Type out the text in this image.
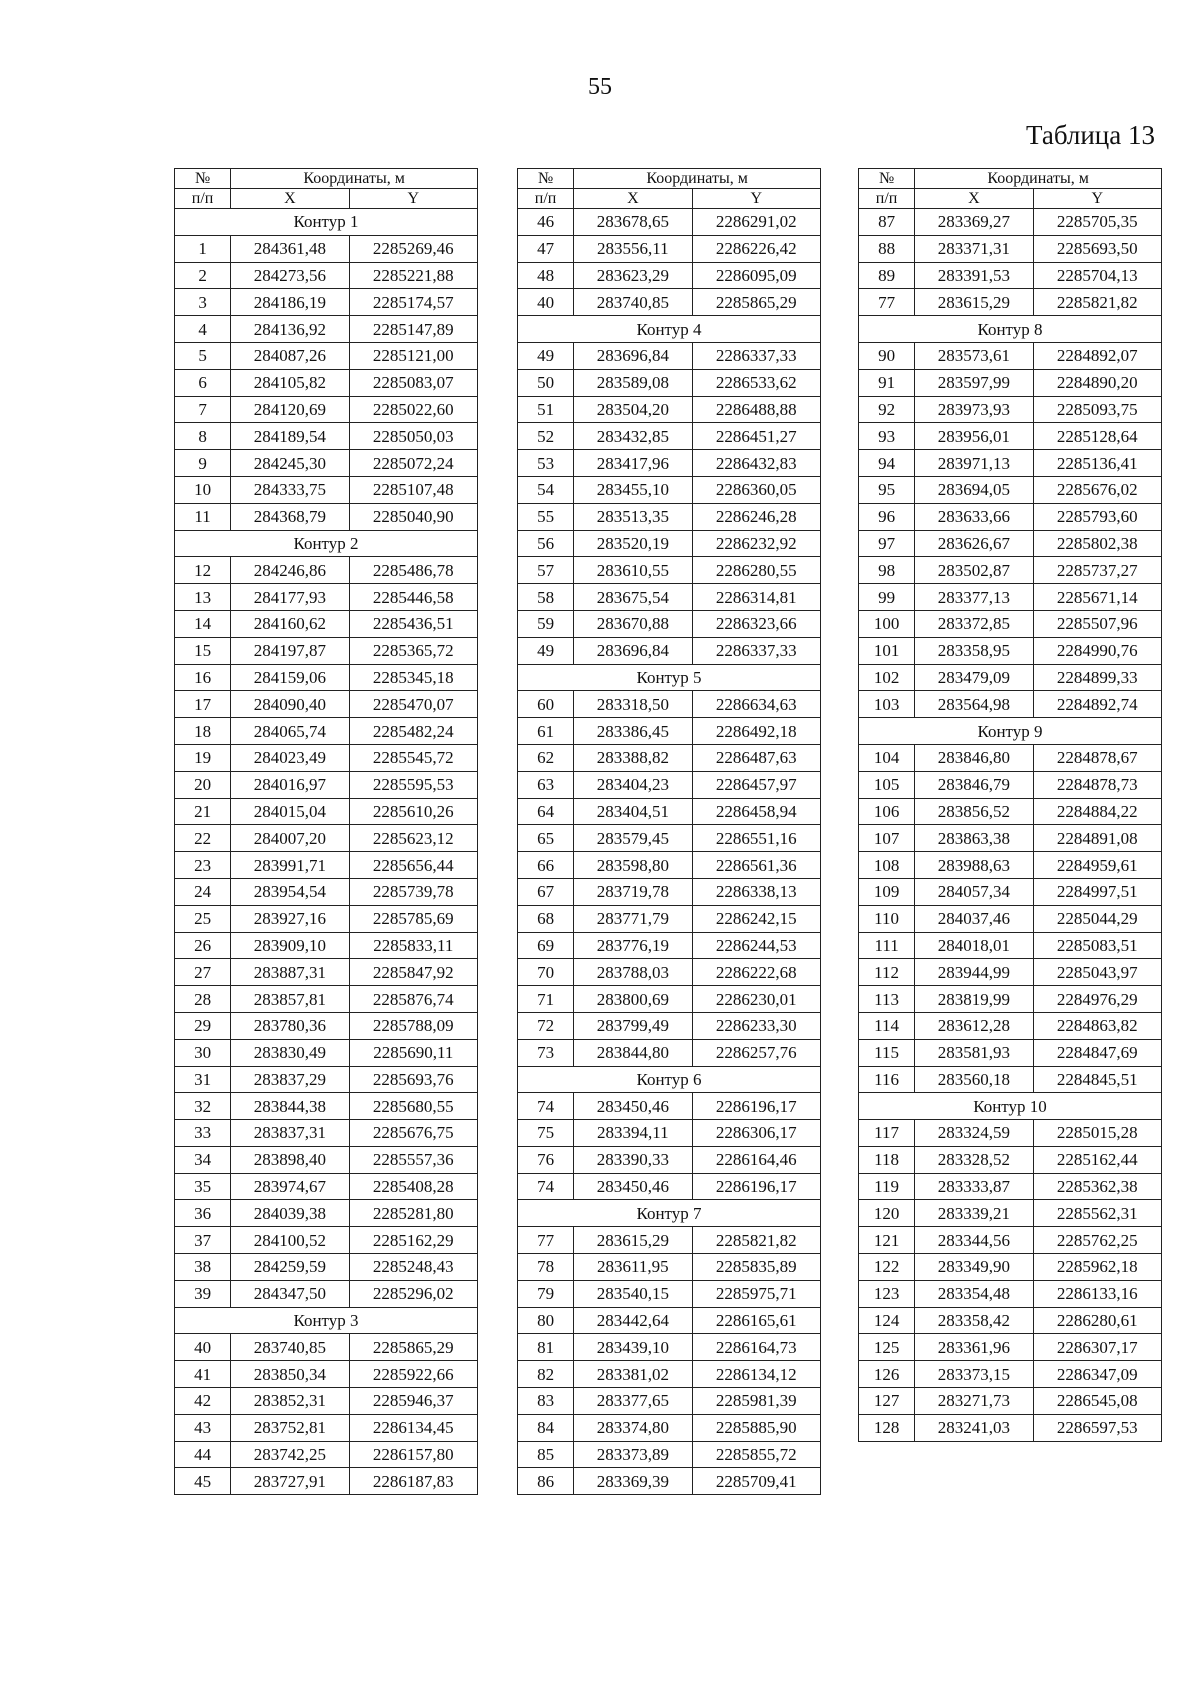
55
Таблица 13
№	Координаты, м	
п/п	X	Y
Контур 1		
1	284361,48	2285269,46
2	284273,56	2285221,88
3	284186,19	2285174,57
4	284136,92	2285147,89
5	284087,26	2285121,00
6	284105,82	2285083,07
7	284120,69	2285022,60
8	284189,54	2285050,03
9	284245,30	2285072,24
10	284333,75	2285107,48
11	284368,79	2285040,90
Контур 2		
12	284246,86	2285486,78
13	284177,93	2285446,58
14	284160,62	2285436,51
15	284197,87	2285365,72
16	284159,06	2285345,18
17	284090,40	2285470,07
18	284065,74	2285482,24
19	284023,49	2285545,72
20	284016,97	2285595,53
21	284015,04	2285610,26
22	284007,20	2285623,12
23	283991,71	2285656,44
24	283954,54	2285739,78
25	283927,16	2285785,69
26	283909,10	2285833,11
27	283887,31	2285847,92
28	283857,81	2285876,74
29	283780,36	2285788,09
30	283830,49	2285690,11
31	283837,29	2285693,76
32	283844,38	2285680,55
33	283837,31	2285676,75
34	283898,40	2285557,36
35	283974,67	2285408,28
36	284039,38	2285281,80
37	284100,52	2285162,29
38	284259,59	2285248,43
39	284347,50	2285296,02
Контур 3		
40	283740,85	2285865,29
41	283850,34	2285922,66
42	283852,31	2285946,37
43	283752,81	2286134,45
44	283742,25	2286157,80
45	283727,91	2286187,83
№	Координаты, м	
п/п	X	Y
46	283678,65	2286291,02
47	283556,11	2286226,42
48	283623,29	2286095,09
40	283740,85	2285865,29
Контур 4		
49	283696,84	2286337,33
50	283589,08	2286533,62
51	283504,20	2286488,88
52	283432,85	2286451,27
53	283417,96	2286432,83
54	283455,10	2286360,05
55	283513,35	2286246,28
56	283520,19	2286232,92
57	283610,55	2286280,55
58	283675,54	2286314,81
59	283670,88	2286323,66
49	283696,84	2286337,33
Контур 5		
60	283318,50	2286634,63
61	283386,45	2286492,18
62	283388,82	2286487,63
63	283404,23	2286457,97
64	283404,51	2286458,94
65	283579,45	2286551,16
66	283598,80	2286561,36
67	283719,78	2286338,13
68	283771,79	2286242,15
69	283776,19	2286244,53
70	283788,03	2286222,68
71	283800,69	2286230,01
72	283799,49	2286233,30
73	283844,80	2286257,76
Контур 6		
74	283450,46	2286196,17
75	283394,11	2286306,17
76	283390,33	2286164,46
74	283450,46	2286196,17
Контур 7		
77	283615,29	2285821,82
78	283611,95	2285835,89
79	283540,15	2285975,71
80	283442,64	2286165,61
81	283439,10	2286164,73
82	283381,02	2286134,12
83	283377,65	2285981,39
84	283374,80	2285885,90
85	283373,89	2285855,72
86	283369,39	2285709,41
№	Координаты, м	
п/п	X	Y
87	283369,27	2285705,35
88	283371,31	2285693,50
89	283391,53	2285704,13
77	283615,29	2285821,82
Контур 8		
90	283573,61	2284892,07
91	283597,99	2284890,20
92	283973,93	2285093,75
93	283956,01	2285128,64
94	283971,13	2285136,41
95	283694,05	2285676,02
96	283633,66	2285793,60
97	283626,67	2285802,38
98	283502,87	2285737,27
99	283377,13	2285671,14
100	283372,85	2285507,96
101	283358,95	2284990,76
102	283479,09	2284899,33
103	283564,98	2284892,74
Контур 9		
104	283846,80	2284878,67
105	283846,79	2284878,73
106	283856,52	2284884,22
107	283863,38	2284891,08
108	283988,63	2284959,61
109	284057,34	2284997,51
110	284037,46	2285044,29
111	284018,01	2285083,51
112	283944,99	2285043,97
113	283819,99	2284976,29
114	283612,28	2284863,82
115	283581,93	2284847,69
116	283560,18	2284845,51
Контур 10		
117	283324,59	2285015,28
118	283328,52	2285162,44
119	283333,87	2285362,38
120	283339,21	2285562,31
121	283344,56	2285762,25
122	283349,90	2285962,18
123	283354,48	2286133,16
124	283358,42	2286280,61
125	283361,96	2286307,17
126	283373,15	2286347,09
127	283271,73	2286545,08
128	283241,03	2286597,53
